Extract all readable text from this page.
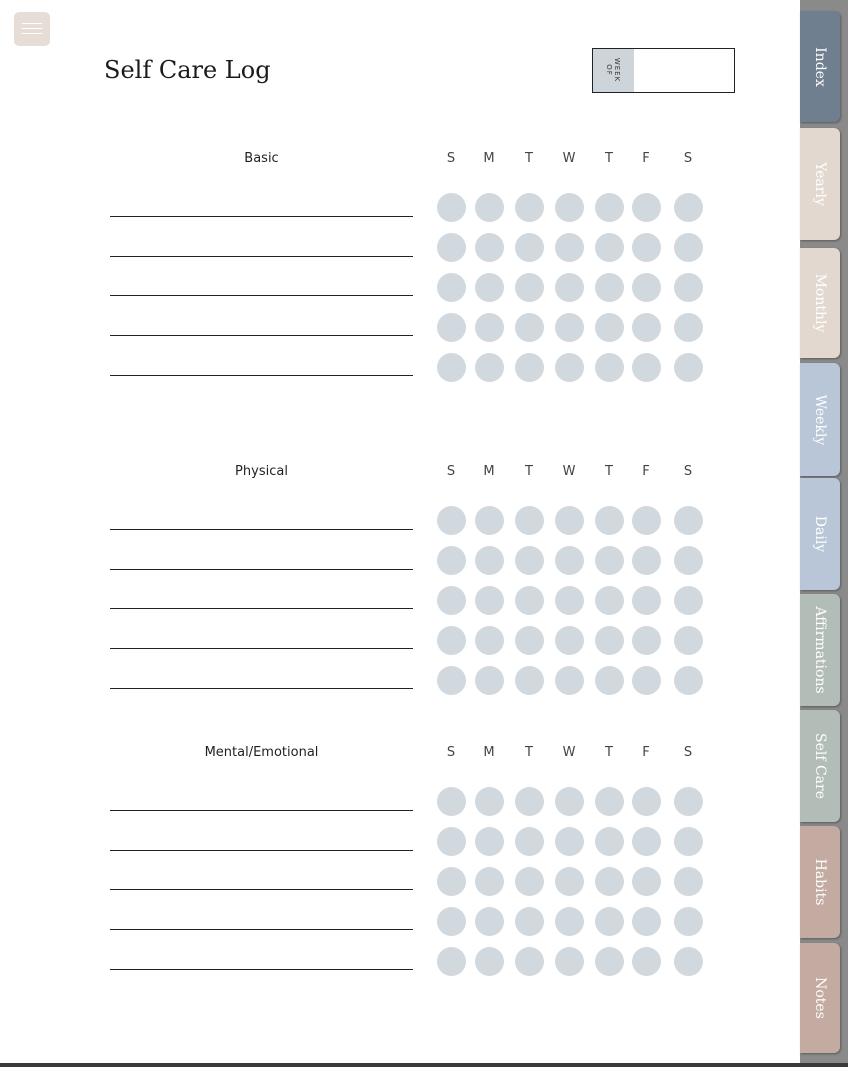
Self Care Log	WEEK
OF
Basic	S	M	T	W	T	F	S
Physical	S	M	T	W	T	F	S
Mental/Emotional	S	M	T	W	T	F	S
Index
Yearly
Monthly
Weekly
Daily
Affirmations
Self Care
Habits
Notes
